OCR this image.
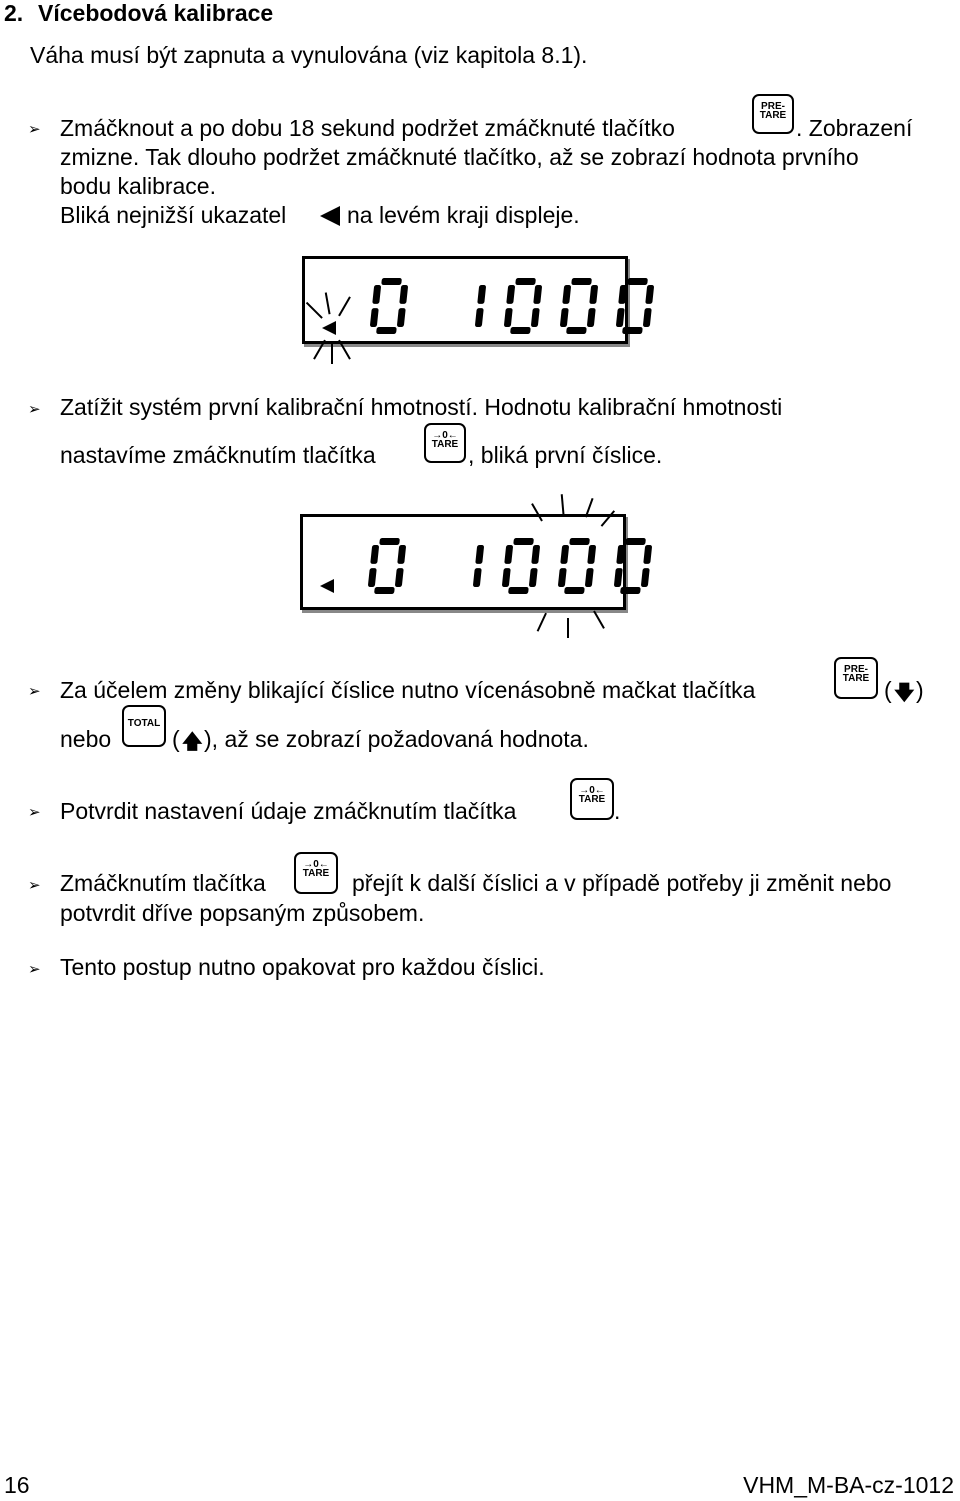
2. Vícebodová kalibrace
Váha musí být zapnuta a vynulována (viz kapitola 8.1).
➢ Zmáčknout a po dobu 18 sekund podržet zmáčknuté tlačítko
PRE-
TARE . Zobrazení
zmizne. Tak dlouho podržet zmáčknuté tlačítko, až se zobrazí hodnota prvního
bodu kalibrace.
Bliká nejnižší ukazatel	na levém kraji displeje.
➢ Zatížit systém první kalibrační hmotností. Hodnotu kalibrační hmotnosti
nastavíme zmáčknutím tlačítka
→0←
TARE , bliká první číslice.
➢ Za účelem změny blikající číslice nutno vícenásobně mačkat tlačítka
PRE-
TARE ( 🡇 )
nebo
TOTAL
( 🡅 ), až se zobrazí požadovaná hodnota.
➢ Potvrdit nastavení údaje zmáčknutím tlačítka
→0←
TARE .
➢ Zmáčknutím tlačítka
→0←
TARE přejít k další číslici a v případě potřeby ji změnit nebo
potvrdit dříve popsaným způsobem.
➢ Tento postup nutno opakovat pro každou číslici.
16	VHM_M-BA-cz-1012
